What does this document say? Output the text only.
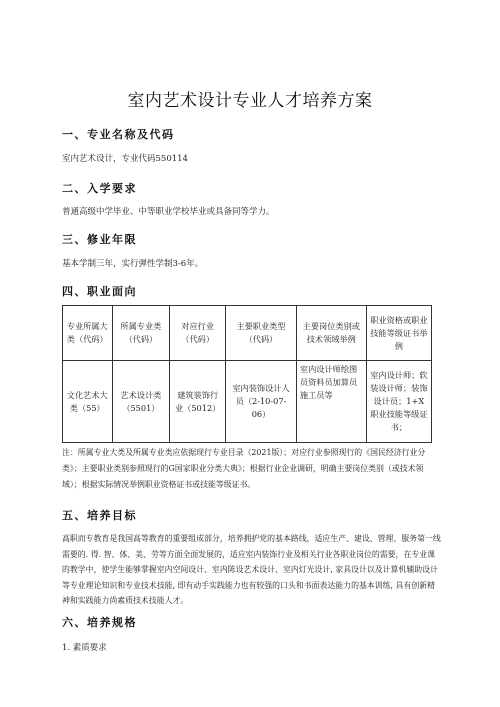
室内艺术设计专业人才培养方案
一、专业名称及代码
室内艺术设计，专业代码550114
二、入学要求
普通高级中学毕业、中等职业学校毕业或具备同等学力。
三、修业年限
基本学制三年，实行弹性学制3-6年。
四、职业面向
专业所属大类（代码）	所属专业类（代码）	对应行业（代码）	主要职业类型（代码）	主要岗位类别或技术领域举例	职业资格或职业技能等级证书举例
文化艺术大类（55）	艺术设计类（5501）	建筑装饰行业（5012）	室内装饰设计人员（2-10-07-06）	室内设计师绘图员资料员加算员施工员等	室内设计师；软装设计师；装饰设计员；1+X职业技能等级证书；
注：所属专业大类及所属专业类应依据现行专业目录（2021版）；对应行业参照现行的《国民经济行业分类》；主要职业类别参照现行的G国家职业分类大典》；根据行业企业调研，明确主要岗位类别（或技术领域）；根据实际情况举例职业资格证书或技能等级证书。
五、培养目标
高职而专教育是我国高等教育的重要组成部分，培养拥护党的基本路线，适应生产、建设、管理、服务第一线需要的. 得. 智、体、美、劳等方面全面发展的，适应室内装饰行业及相关行业各职业岗位的需要，在专业课的教学中，使学生能够掌握室内空间设计、室内陈设艺术设计、室内灯光设计, 家具设计以及计算机辅助设计等专业理论知识和专业技术技能, 即有动手实践能力也有较强的口头和书面表达能力的基本训练, 具有创新精神和实践能力尚素质技术技能人才。
六、培养规格
1. 素质要求
